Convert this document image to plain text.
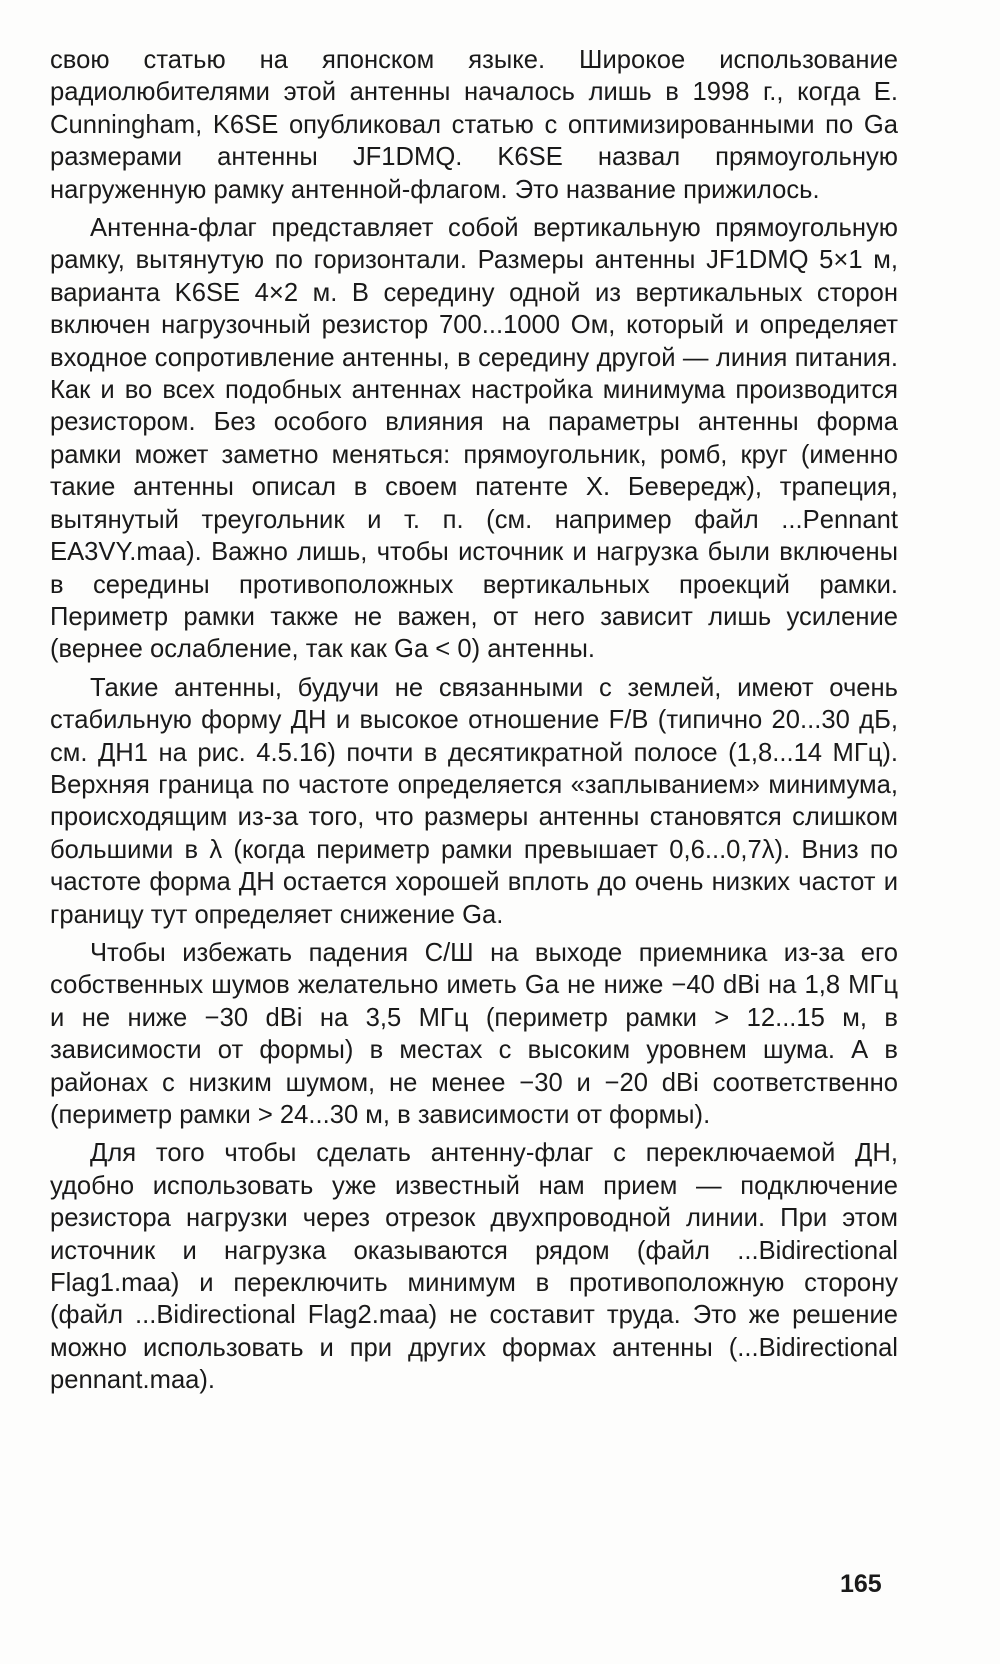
свою статью на японском языке. Широкое использование радиолюбителями этой антенны началось лишь в 1998 г., когда E. Cunningham, K6SE опубликовал статью с оптимизированными по Ga размерами антенны JF1DMQ. K6SE назвал прямоугольную нагруженную рамку антенной-флагом. Это название прижилось.

Антенна-флаг представляет собой вертикальную прямоугольную рамку, вытянутую по горизонтали. Размеры антенны JF1DMQ 5×1 м, варианта K6SE 4×2 м. В середину одной из вертикальных сторон включен нагрузочный резистор 700...1000 Ом, который и определяет входное сопротивление антенны, в середину другой — линия питания. Как и во всех подобных антеннах настройка минимума производится резистором. Без особого влияния на параметры антенны форма рамки может заметно меняться: прямоугольник, ромб, круг (именно такие антенны описал в своем патенте Х. Бевередж), трапеция, вытянутый треугольник и т. п. (см. например файл ...Pennant EA3VY.maa). Важно лишь, чтобы источник и нагрузка были включены в середины противоположных вертикальных проекций рамки. Периметр рамки также не важен, от него зависит лишь усиление (вернее ослабление, так как Ga < 0) антенны.

Такие антенны, будучи не связанными с землей, имеют очень стабильную форму ДН и высокое отношение F/B (типично 20...30 дБ, см. ДН1 на рис. 4.5.16) почти в десятикратной полосе (1,8...14 МГц). Верхняя граница по частоте определяется «заплыванием» минимума, происходящим из-за того, что размеры антенны становятся слишком большими в λ (когда периметр рамки превышает 0,6...0,7λ). Вниз по частоте форма ДН остается хорошей вплоть до очень низких частот и границу тут определяет снижение Ga.

Чтобы избежать падения С/Ш на выходе приемника из-за его собственных шумов желательно иметь Ga не ниже −40 dBi на 1,8 МГц и не ниже −30 dBi на 3,5 МГц (периметр рамки > 12...15 м, в зависимости от формы) в местах с высоким уровнем шума. А в районах с низким шумом, не менее −30 и −20 dBi соответственно (периметр рамки > 24...30 м, в зависимости от формы).

Для того чтобы сделать антенну-флаг с переключаемой ДН, удобно использовать уже известный нам прием — подключение резистора нагрузки через отрезок двухпроводной линии. При этом источник и нагрузка оказываются рядом (файл ...Bidirectional Flag1.maa) и переключить минимум в противоположную сторону (файл ...Bidirectional Flag2.maa) не составит труда. Это же решение можно использовать и при других формах антенны (...Bidirectional pennant.maa).

165
